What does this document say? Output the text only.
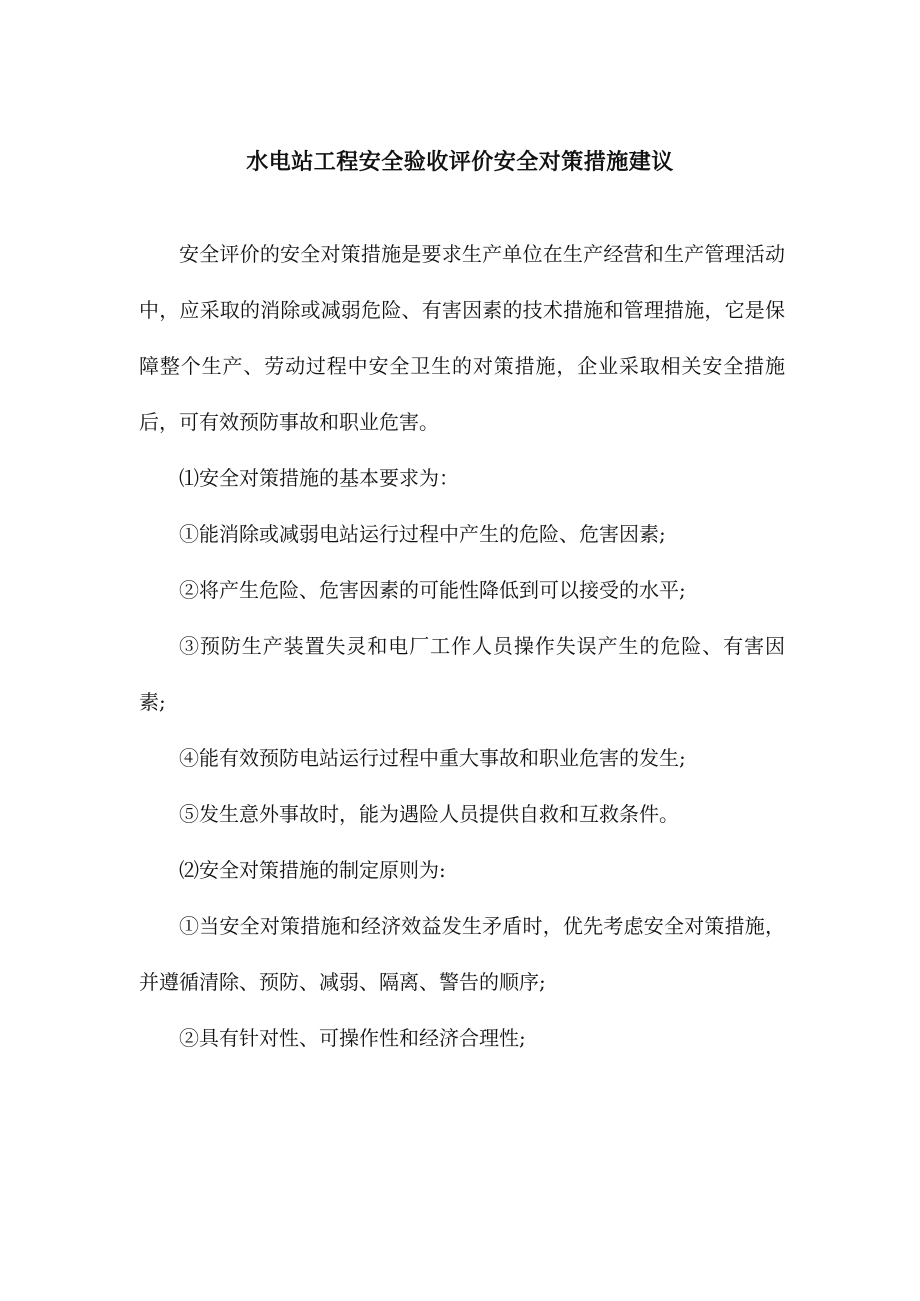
水电站工程安全验收评价安全对策措施建议

安全评价的安全对策措施是要求生产单位在生产经营和生产管理活动中，应采取的消除或减弱危险、有害因素的技术措施和管理措施，它是保障整个生产、劳动过程中安全卫生的对策措施，企业采取相关安全措施后，可有效预防事故和职业危害。

⑴安全对策措施的基本要求为：

①能消除或减弱电站运行过程中产生的危险、危害因素;

②将产生危险、危害因素的可能性降低到可以接受的水平;

③预防生产装置失灵和电厂工作人员操作失误产生的危险、有害因素;

④能有效预防电站运行过程中重大事故和职业危害的发生;

⑤发生意外事故时，能为遇险人员提供自救和互救条件。

⑵安全对策措施的制定原则为:

①当安全对策措施和经济效益发生矛盾时，优先考虑安全对策措施，并遵循清除、预防、减弱、隔离、警告的顺序;

②具有针对性、可操作性和经济合理性;
